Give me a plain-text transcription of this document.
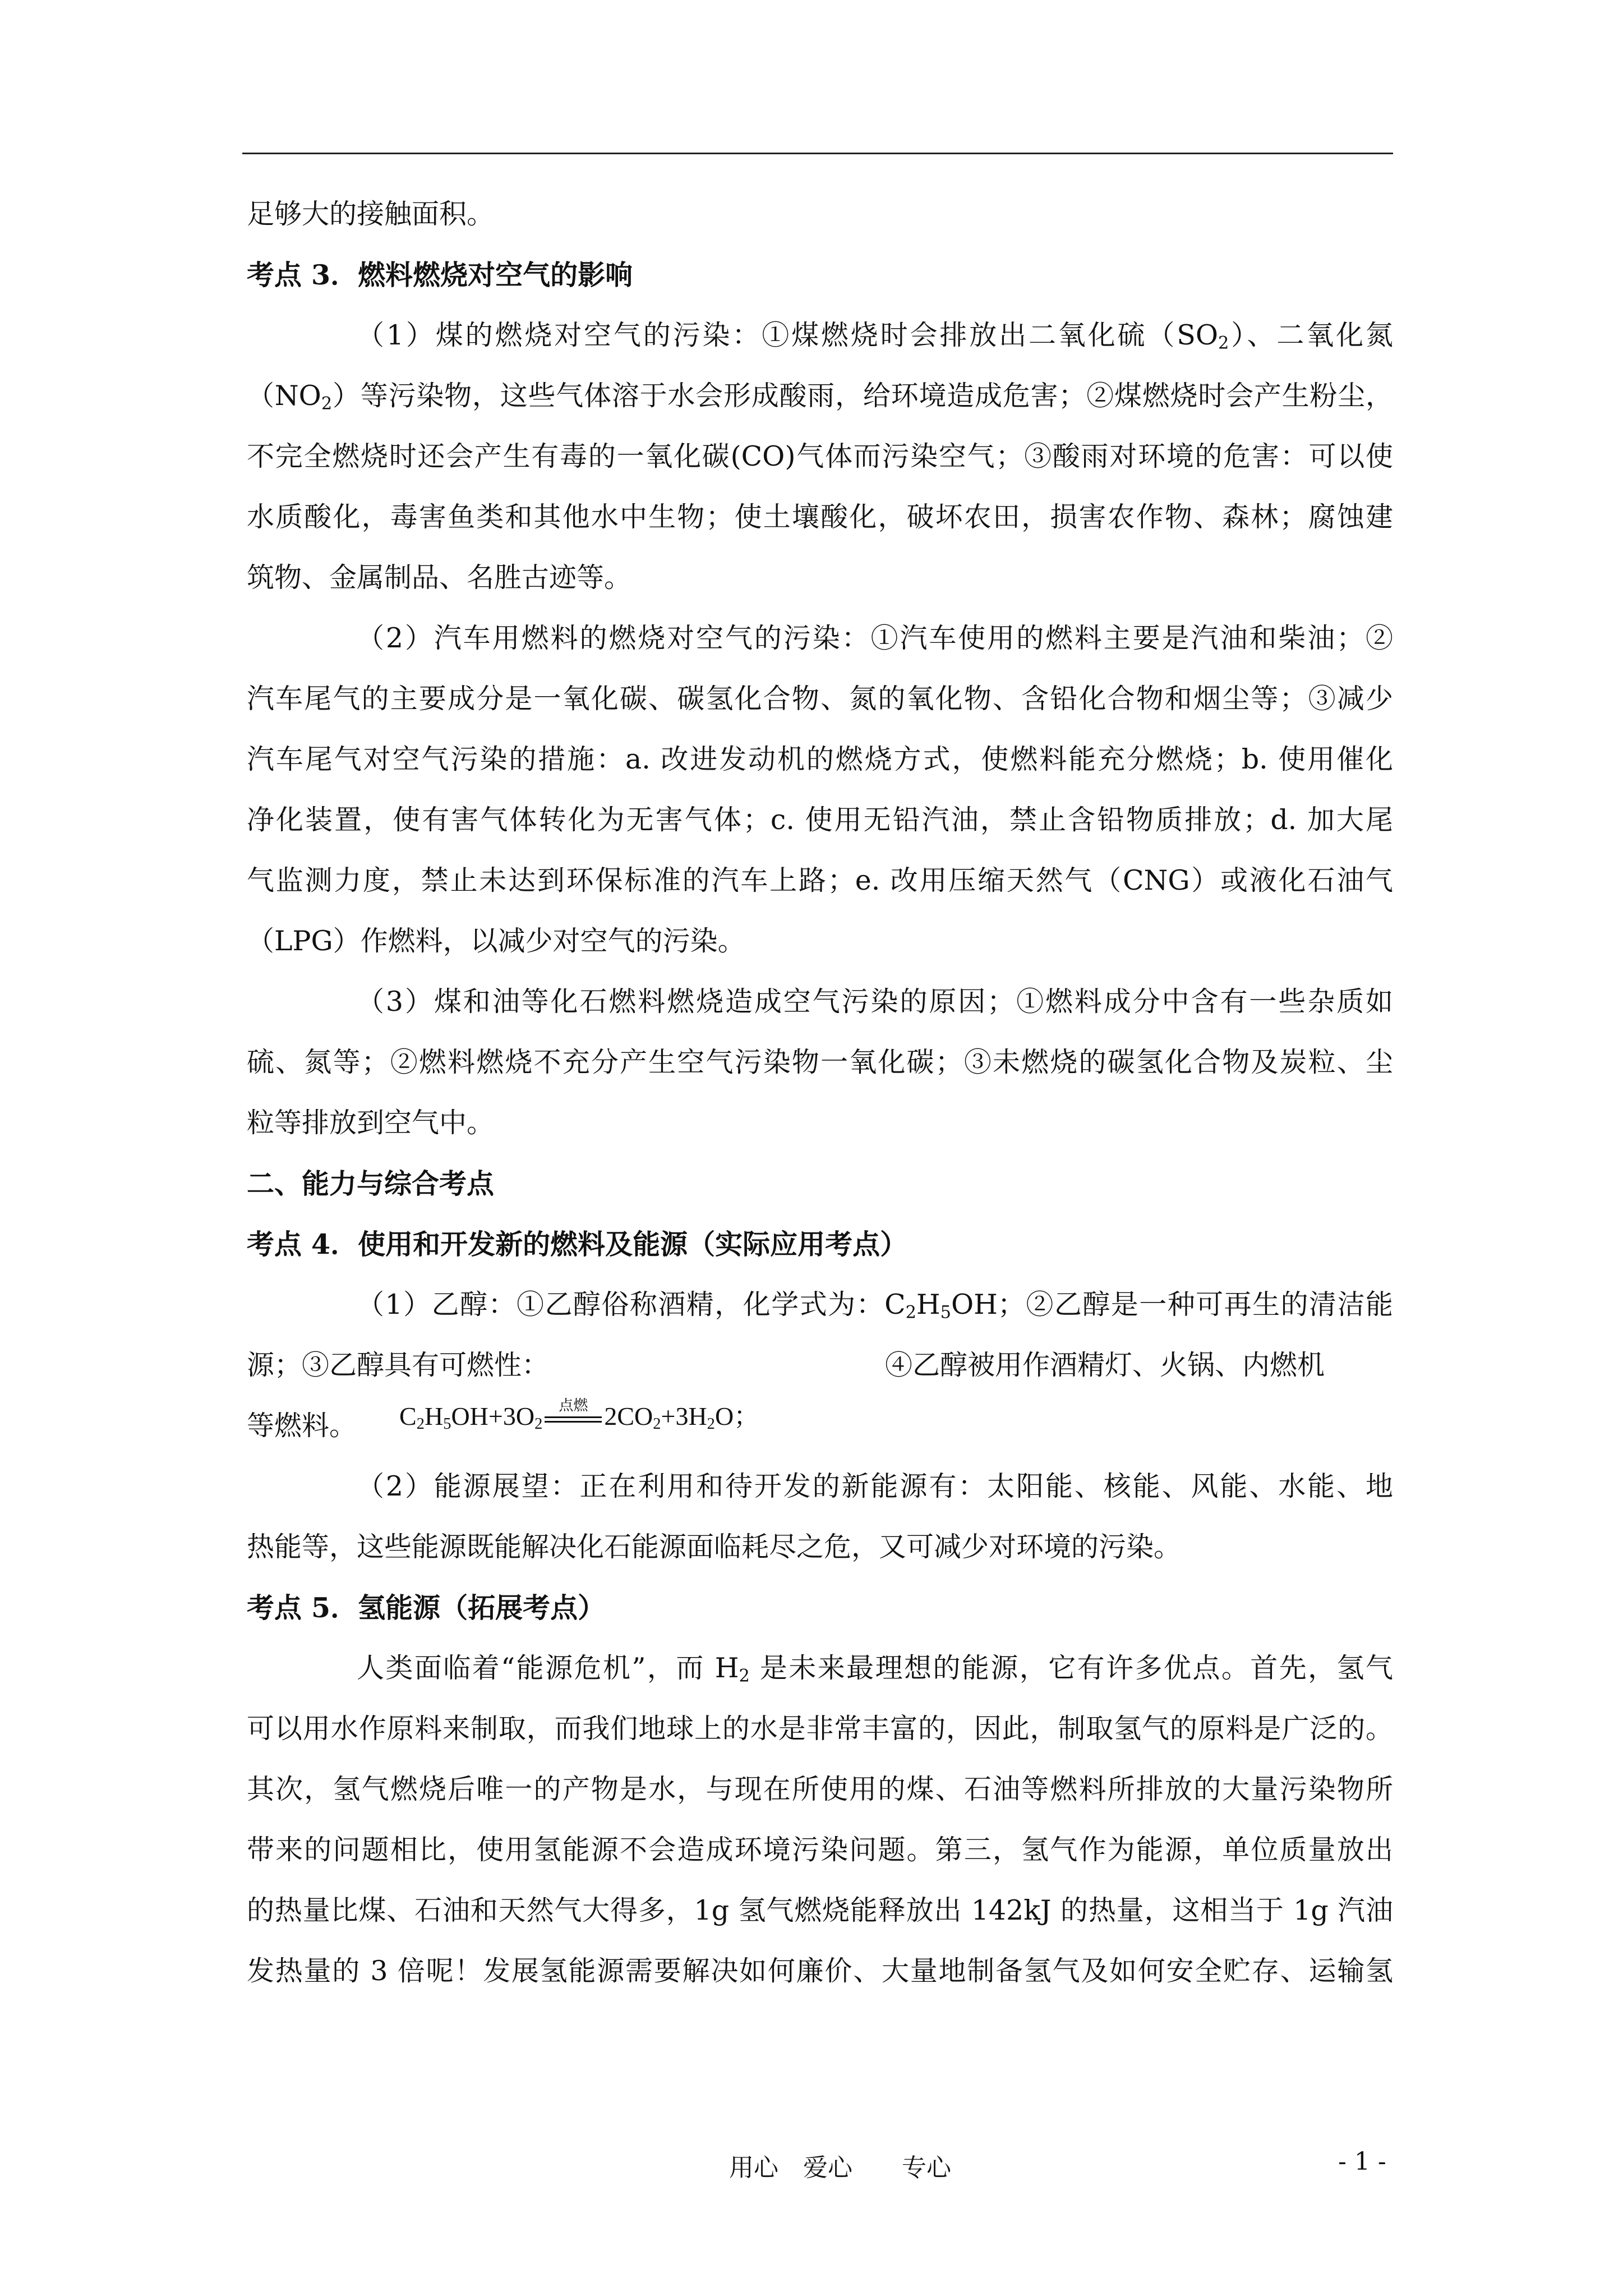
足够大的接触面积。

考点 3．燃料燃烧对空气的影响

（1）煤的燃烧对空气的污染：①煤燃烧时会排放出二氧化硫$(SO_2)$、二氧化氮

$(NO_2)$等污染物，这些气体溶于水会形成酸雨，给环境造成危害；②煤燃烧时会产生粉尘，

不完全燃烧时还会产生有毒的一氧化碳(CO)气体而污染空气；③酸雨对环境的危害：可以使

水质酸化，毒害鱼类和其他水中生物；使土壤酸化，破坏农田，损害农作物、森林；腐蚀建

筑物、金属制品、名胜古迹等。

（2）汽车用燃料的燃烧对空气的污染：①汽车使用的燃料主要是汽油和柴油；②

汽车尾气的主要成分是一氧化碳、碳氢化合物、氮的氧化物、含铅化合物和烟尘等；③减少

汽车尾气对空气污染的措施：a. 改进发动机的燃烧方式，使燃料能充分燃烧；b. 使用催化

净化装置，使有害气体转化为无害气体；c. 使用无铅汽油，禁止含铅物质排放；d. 加大尾

气监测力度，禁止未达到环保标准的汽车上路；e. 改用压缩天然气（CNG）或液化石油气

（LPG）作燃料，以减少对空气的污染。

（3）煤和油等化石燃料燃烧造成空气污染的原因；①燃料成分中含有一些杂质如

硫、氮等；②燃料燃烧不充分产生空气污染物一氧化碳；③未燃烧的碳氢化合物及炭粒、尘

粒等排放到空气中。

二、能力与综合考点

考点 4．使用和开发新的燃料及能源（实际应用考点）

（1）乙醇：①乙醇俗称酒精，化学式为：$C_2H_5OH$；②乙醇是一种可再生的清洁能

源；③乙醇具有可燃性：	④乙醇被用作酒精灯、火锅、内燃机

等燃料。

（2）能源展望：正在利用和待开发的新能源有：太阳能、核能、风能、水能、地

热能等，这些能源既能解决化石能源面临耗尽之危，又可减少对环境的污染。

考点 5．氢能源（拓展考点）

人类面临着“能源危机”，而 $H_2$ 是未来最理想的能源，它有许多优点。首先，氢气

可以用水作原料来制取，而我们地球上的水是非常丰富的，因此，制取氢气的原料是广泛的。

其次，氢气燃烧后唯一的产物是水，与现在所使用的煤、石油等燃料所排放的大量污染物所

带来的问题相比，使用氢能源不会造成环境污染问题。第三，氢气作为能源，单位质量放出

的热量比煤、石油和天然气大得多，1g 氢气燃烧能释放出 142kJ 的热量，这相当于 1g 汽油

发热量的 3 倍呢！发展氢能源需要解决如何廉价、大量地制备氢气及如何安全贮存、运输氢

$C_2H_5OH+3O_2$
点燃 $2CO_2+3H_2O$；
用心　爱心　　专心	- 1 -
